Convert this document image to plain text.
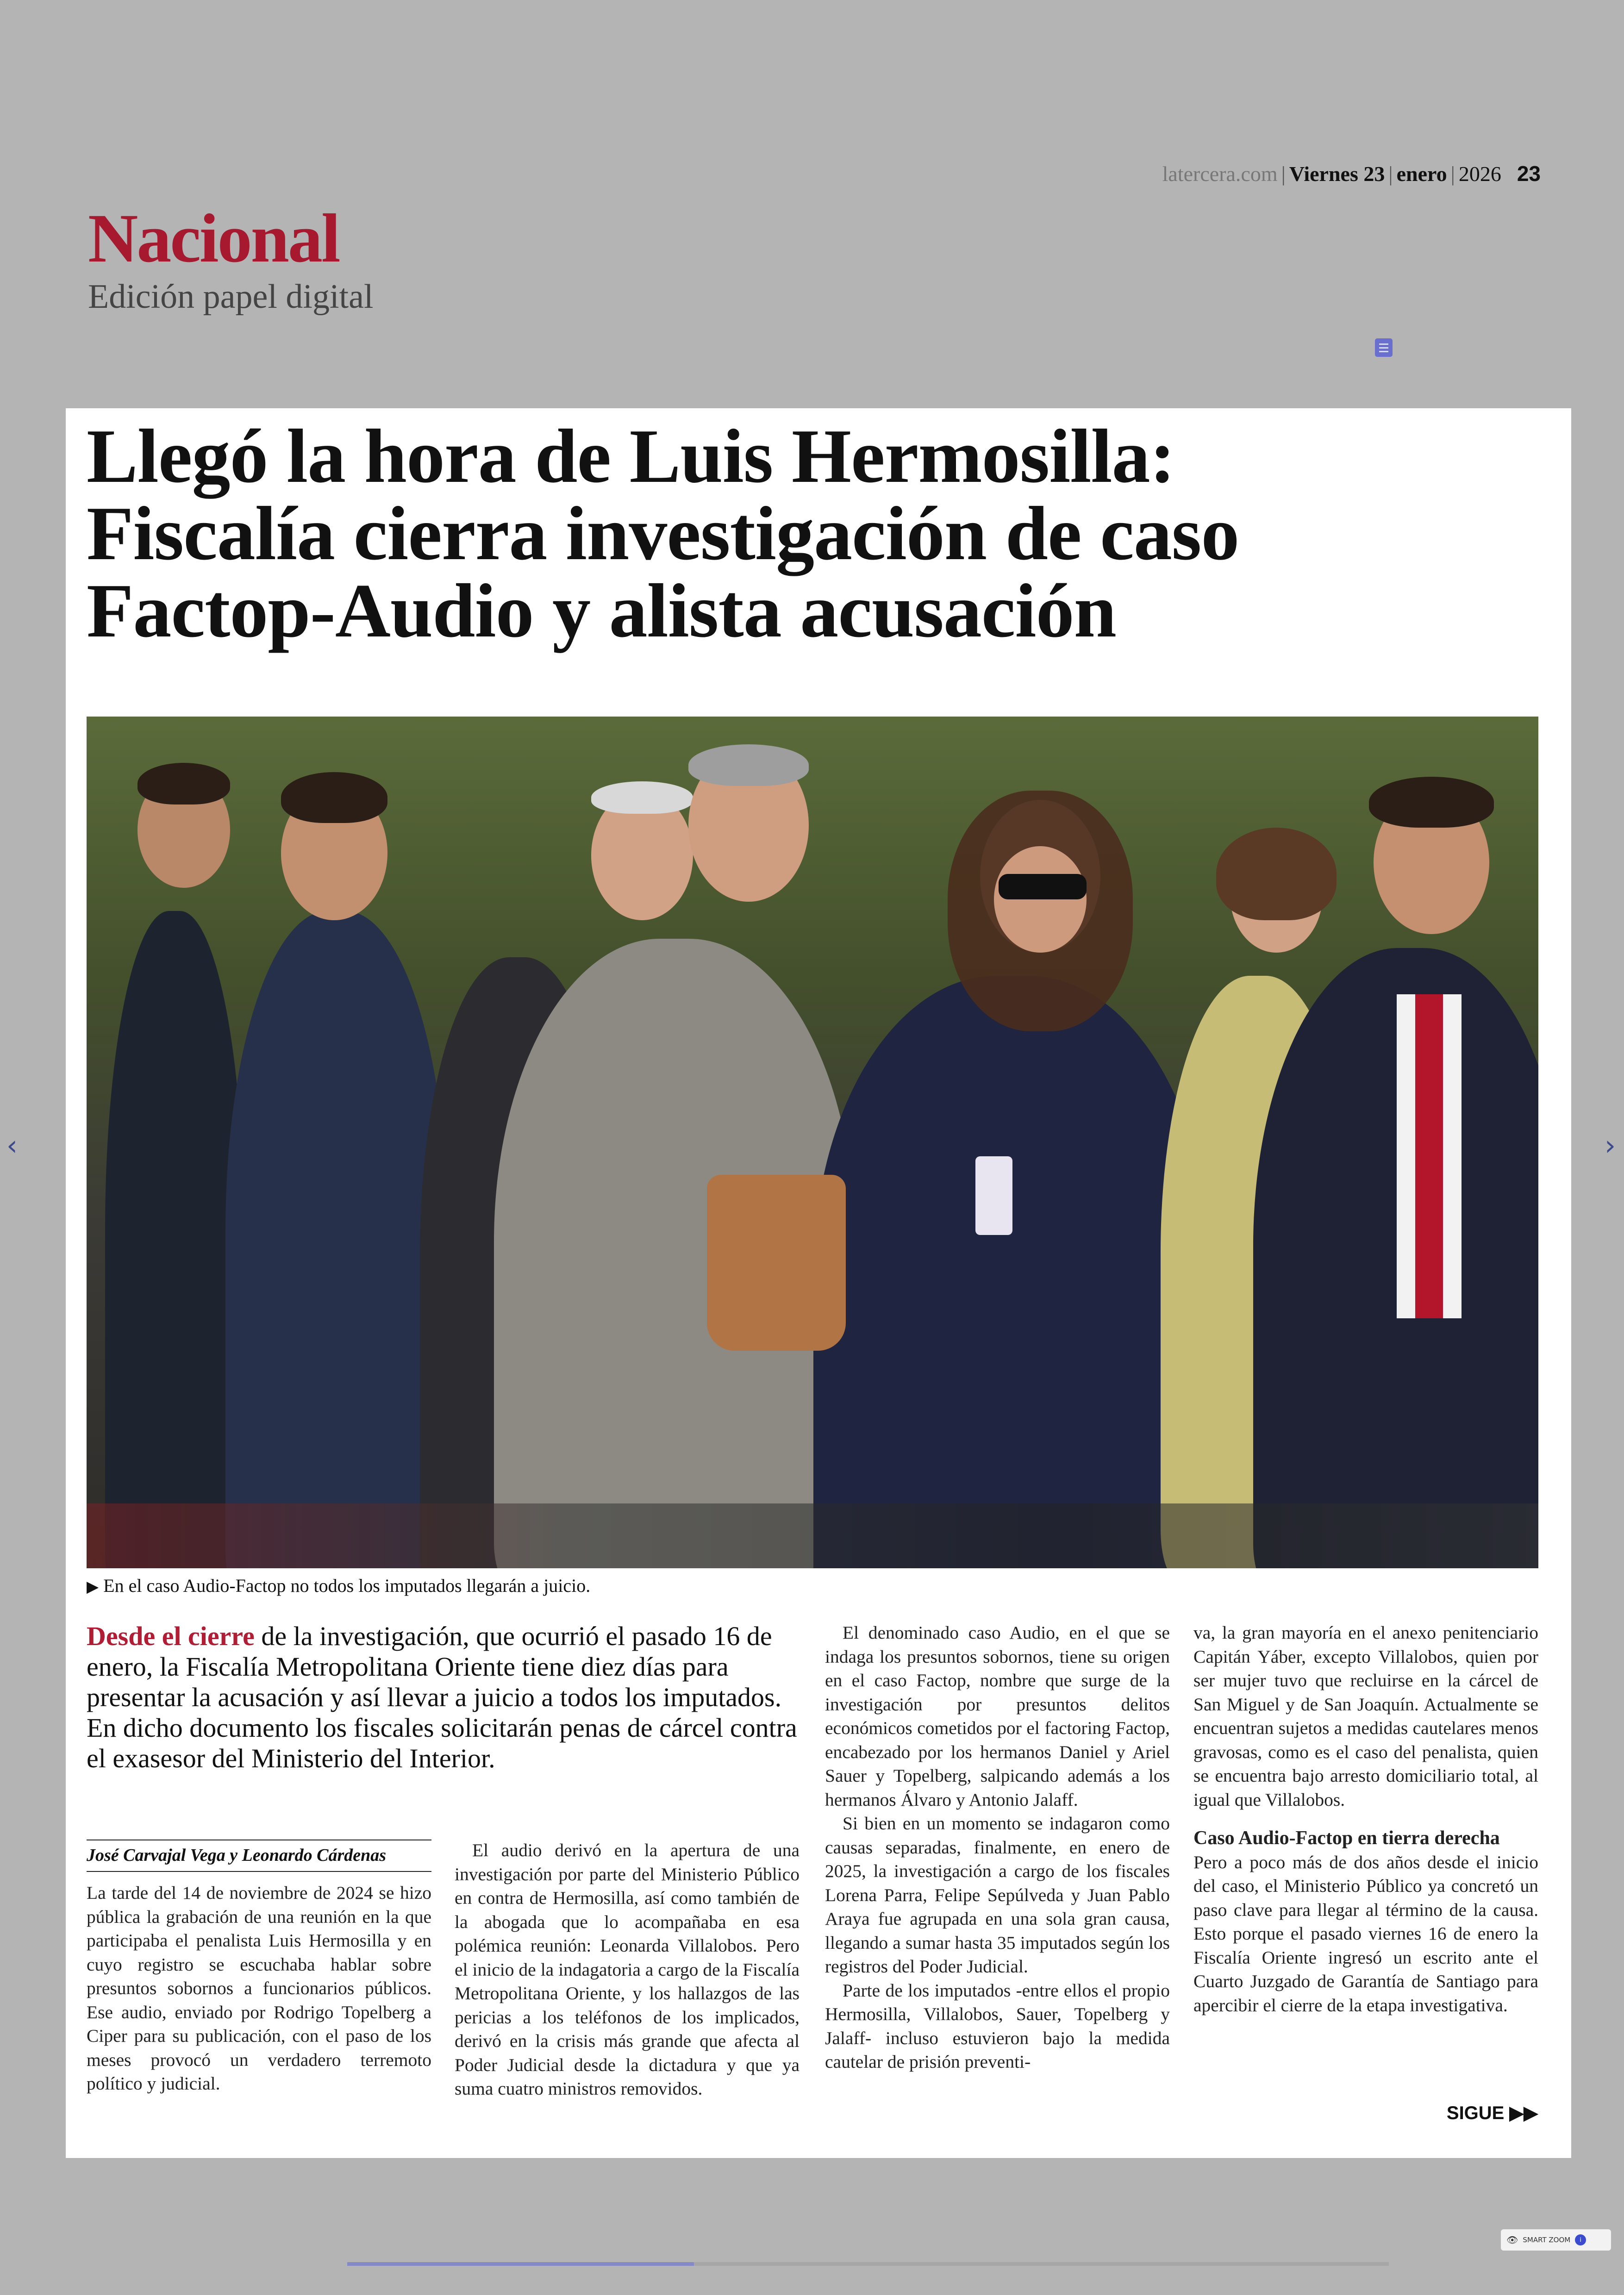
latercera.com | Viernes 23 | enero | 2026 23
Nacional
Edición papel digital
Llegó la hora de Luis Hermosilla:
Fiscalía cierra investigación de caso
Factop-Audio y alista acusación
▶ En el caso Audio-Factop no todos los imputados llegarán a juicio.

Desde el cierre de la investigación, que ocurrió el pasado 16 de enero, la Fiscalía Metropolitana Oriente tiene diez días para presentar la acusación y así llevar a juicio a todos los imputados. En dicho documento los fiscales solicitarán penas de cárcel contra el exasesor del Ministerio del Interior.

José Carvajal Vega y Leonardo Cárdenas

La tarde del 14 de noviembre de 2024 se hizo pública la grabación de una reunión en la que participaba el penalista Luis Hermosilla y en cuyo registro se escuchaba hablar sobre presuntos sobornos a funcionarios públicos. Ese audio, enviado por Rodrigo Topelberg a Ciper para su publicación, con el paso de los meses provocó un verdadero terremoto político y judicial.

El audio derivó en la apertura de una investigación por parte del Ministerio Público en contra de Hermosilla, así como también de la abogada que lo acompañaba en esa polémica reunión: Leonarda Villalobos. Pero el inicio de la indagatoria a cargo de la Fiscalía Metropolitana Oriente, y los hallazgos de las pericias a los teléfonos de los implicados, derivó en la crisis más grande que afecta al Poder Judicial desde la dictadura y que ya suma cuatro ministros removidos.

El denominado caso Audio, en el que se indaga los presuntos sobornos, tiene su origen en el caso Factop, nombre que surge de la investigación por presuntos delitos económicos cometidos por el factoring Factop, encabezado por los hermanos Daniel y Ariel Sauer y Topelberg, salpicando además a los hermanos Álvaro y Antonio Jalaff.

Si bien en un momento se indagaron como causas separadas, finalmente, en enero de 2025, la investigación a cargo de los fiscales Lorena Parra, Felipe Sepúlveda y Juan Pablo Araya fue agrupada en una sola gran causa, llegando a sumar hasta 35 imputados según los registros del Poder Judicial.

Parte de los imputados -entre ellos el propio Hermosilla, Villalobos, Sauer, Topelberg y Jalaff- incluso estuvieron bajo la medida cautelar de prisión preventi-

va, la gran mayoría en el anexo penitenciario Capitán Yáber, excepto Villalobos, quien por ser mujer tuvo que recluirse en la cárcel de San Miguel y de San Joaquín. Actualmente se encuentran sujetos a medidas cautelares menos gravosas, como es el caso del penalista, quien se encuentra bajo arresto domiciliario total, al igual que Villalobos.

Caso Audio-Factop en tierra derecha

Pero a poco más de dos años desde el inicio del caso, el Ministerio Público ya concretó un paso clave para llegar al término de la causa. Esto porque el pasado viernes 16 de enero la Fiscalía Oriente ingresó un escrito ante el Cuarto Juzgado de Garantía de Santiago para apercibir el cierre de la etapa investigativa.

SIGUE ▶▶
‹	›
👁 SMART ZOOM	i
